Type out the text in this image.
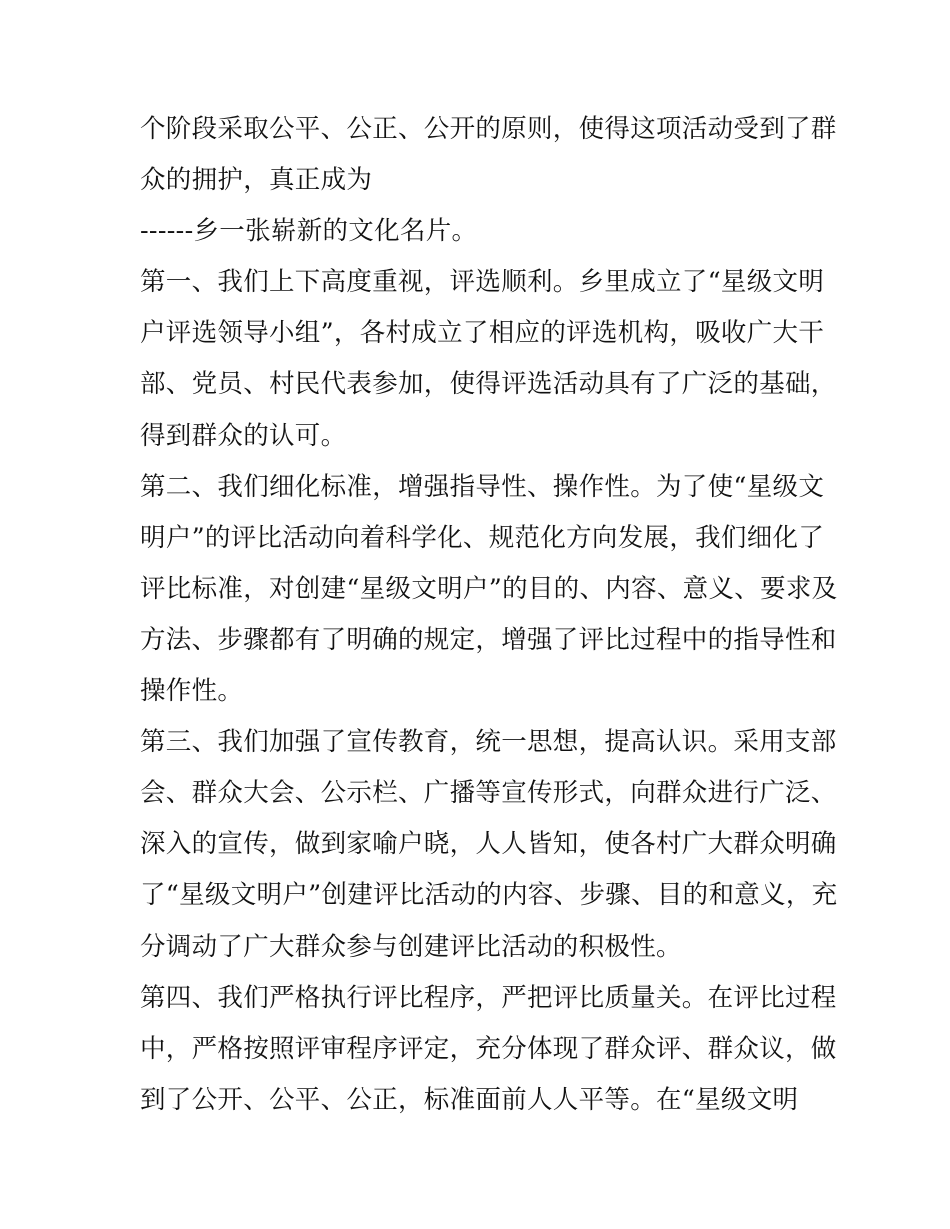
个阶段采取公平、公正、公开的原则，使得这项活动受到了群
众的拥护，真正成为
------乡一张崭新的文化名片。
第一、我们上下高度重视，评选顺利。乡里成立了“星级文明
户评选领导小组”，各村成立了相应的评选机构，吸收广大干
部、党员、村民代表参加，使得评选活动具有了广泛的基础，
得到群众的认可。
第二、我们细化标准，增强指导性、操作性。为了使“星级文
明户”的评比活动向着科学化、规范化方向发展，我们细化了
评比标准，对创建“星级文明户”的目的、内容、意义、要求及
方法、步骤都有了明确的规定，增强了评比过程中的指导性和
操作性。
第三、我们加强了宣传教育，统一思想，提高认识。采用支部
会、群众大会、公示栏、广播等宣传形式，向群众进行广泛、
深入的宣传，做到家喻户晓，人人皆知，使各村广大群众明确
了“星级文明户”创建评比活动的内容、步骤、目的和意义，充
分调动了广大群众参与创建评比活动的积极性。
第四、我们严格执行评比程序，严把评比质量关。在评比过程
中，严格按照评审程序评定，充分体现了群众评、群众议，做
到了公开、公平、公正，标准面前人人平等。在“星级文明
